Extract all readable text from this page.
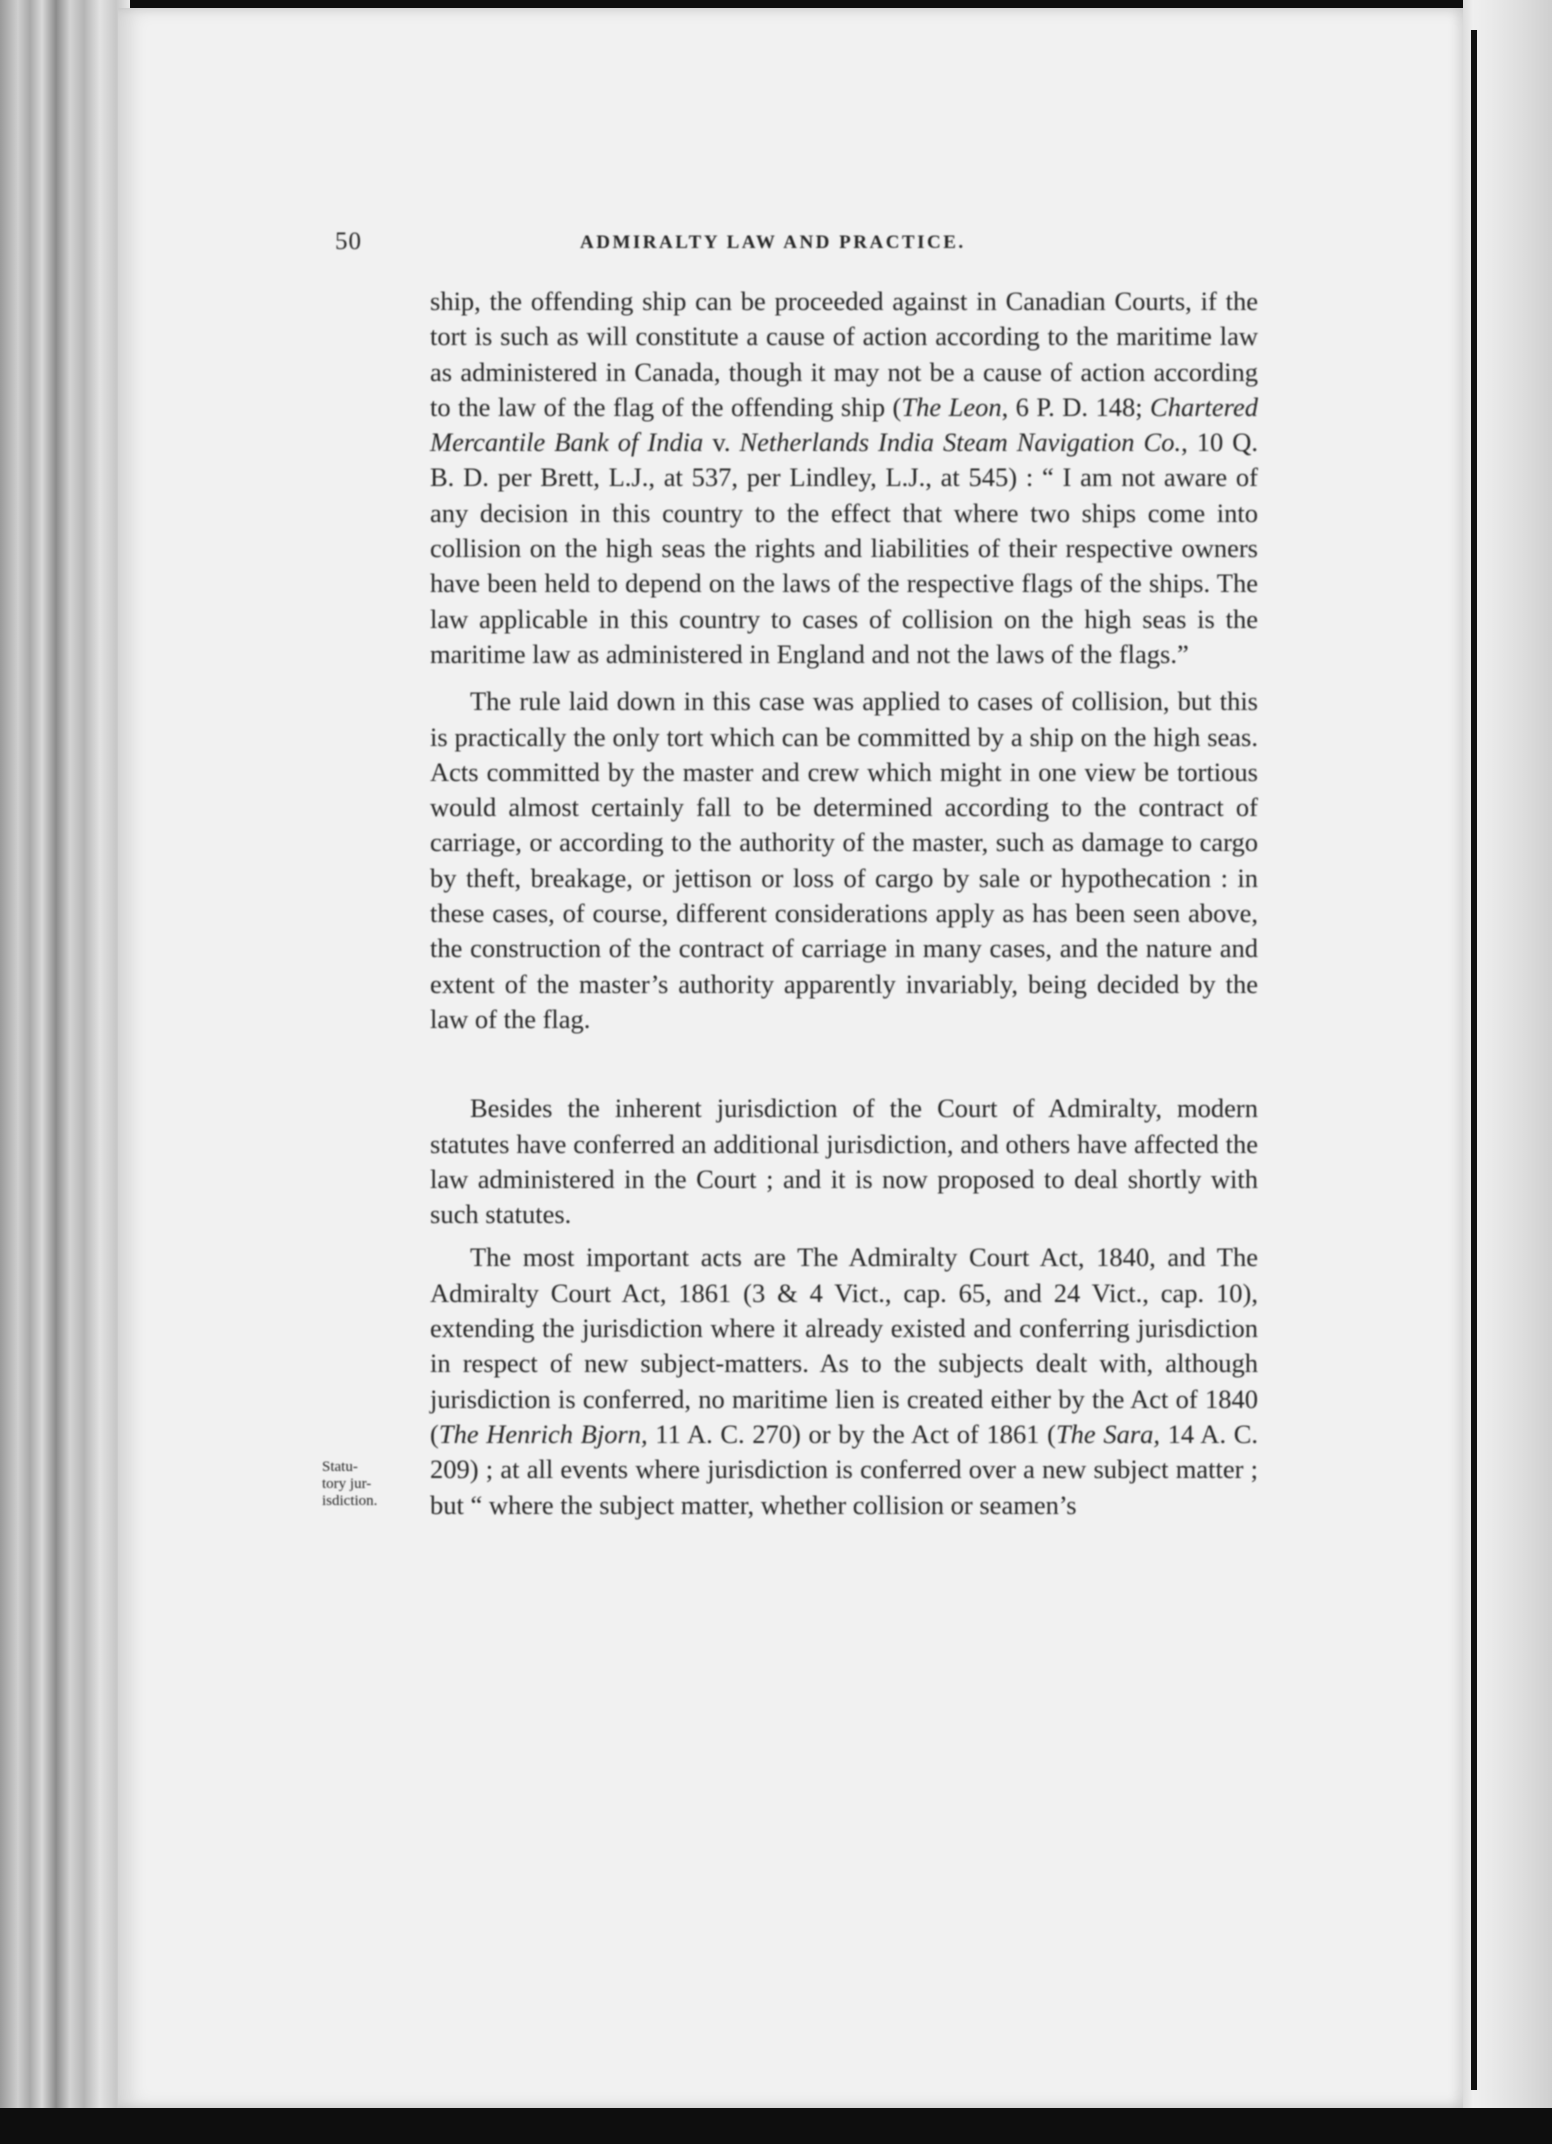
50	ADMIRALTY LAW AND PRACTICE.
Statu-
tory jur-
isdiction.

ship, the offending ship can be proceeded against in Canadian Courts, if the tort is such as will constitute a cause of action according to the maritime law as administered in Canada, though it may not be a cause of action according to the law of the flag of the offending ship (The Leon, 6 P. D. 148; Chartered Mercantile Bank of India v. Netherlands India Steam Navigation Co., 10 Q. B. D. per Brett, L.J., at 537, per Lindley, L.J., at 545) : “ I am not aware of any decision in this country to the effect that where two ships come into collision on the high seas the rights and liabilities of their respective owners have been held to depend on the laws of the respective flags of the ships. The law applicable in this country to cases of collision on the high seas is the maritime law as administered in England and not the laws of the flags.”

The rule laid down in this case was applied to cases of collision, but this is practically the only tort which can be committed by a ship on the high seas. Acts committed by the master and crew which might in one view be tortious would almost certainly fall to be determined according to the contract of carriage, or according to the authority of the master, such as damage to cargo by theft, breakage, or jettison or loss of cargo by sale or hypothecation : in these cases, of course, different considerations apply as has been seen above, the construction of the contract of carriage in many cases, and the nature and extent of the master’s authority apparently invariably, being decided by the law of the flag.

Besides the inherent jurisdiction of the Court of Admiralty, modern statutes have conferred an additional jurisdiction, and others have affected the law administered in the Court ; and it is now proposed to deal shortly with such statutes.

The most important acts are The Admiralty Court Act, 1840, and The Admiralty Court Act, 1861 (3 & 4 Vict., cap. 65, and 24 Vict., cap. 10), extending the jurisdiction where it already existed and conferring jurisdiction in respect of new subject-matters. As to the subjects dealt with, although jurisdiction is conferred, no maritime lien is created either by the Act of 1840 (The Henrich Bjorn, 11 A. C. 270) or by the Act of 1861 (The Sara, 14 A. C. 209) ; at all events where jurisdiction is conferred over a new subject matter ; but “ where the subject matter, whether collision or seamen’s
